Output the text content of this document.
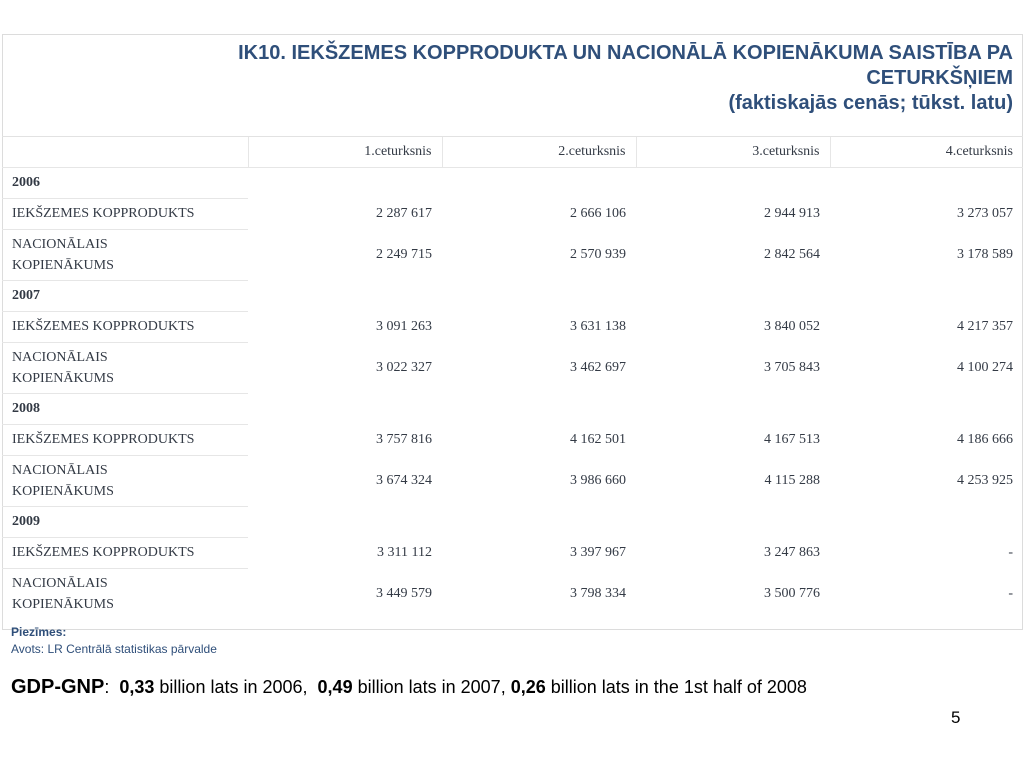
IK10. IEKŠZEMES KOPPRODUKTA UN NACIONĀLĀ KOPIENĀKUMA SAISTĪBA PA
CETURKŠŅIEM
(faktiskajās cenās; tūkst. latu)
	1.ceturksnis	2.ceturksnis	3.ceturksnis	4.ceturksnis
2006				
IEKŠZEMES KOPPRODUKTS	2 287 617	2 666 106	2 944 913	3 273 057

NACIONĀLAIS
KOPIENĀKUMS	2 249 715	2 570 939	2 842 564	3 178 589
2007				
IEKŠZEMES KOPPRODUKTS	3 091 263	3 631 138	3 840 052	4 217 357

NACIONĀLAIS
KOPIENĀKUMS	3 022 327	3 462 697	3 705 843	4 100 274
2008				
IEKŠZEMES KOPPRODUKTS	3 757 816	4 162 501	4 167 513	4 186 666

NACIONĀLAIS
KOPIENĀKUMS	3 674 324	3 986 660	4 115 288	4 253 925
2009				
IEKŠZEMES KOPPRODUKTS	3 311 112	3 397 967	3 247 863	-

NACIONĀLAIS
KOPIENĀKUMS	3 449 579	3 798 334	3 500 776	-
Piezīmes:
Avots: LR Centrālā statistikas pārvalde
GDP-GNP: 0,33 billion lats in 2006,  0,49 billion lats in 2007, 0,26 billion lats in the 1st half of 2008
5
